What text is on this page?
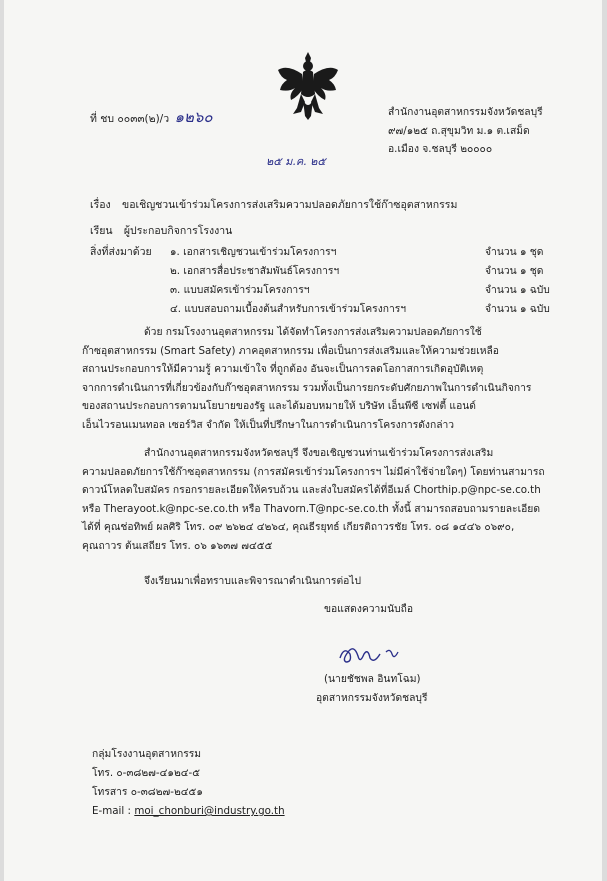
ที่ ชบ ๐๐๓๓(๒)/ว ๑๒๖๐
๒๕ ม.ค. ๒๕
สำนักงานอุตสาหกรรมจังหวัดชลบุรี
๙๗/๑๒๕ ถ.สุขุมวิท ม.๑ ต.เสม็ด
อ.เมือง จ.ชลบุรี ๒๐๐๐๐
เรื่อง ขอเชิญชวนเข้าร่วมโครงการส่งเสริมความปลอดภัยการใช้ก๊าซอุตสาหกรรม
เรียน ผู้ประกอบกิจการโรงงาน
สิ่งที่ส่งมาด้วย ๑. เอกสารเชิญชวนเข้าร่วมโครงการฯ	จำนวน ๑ ชุด
๒. เอกสารสื่อประชาสัมพันธ์โครงการฯ	จำนวน ๑ ชุด
๓. แบบสมัครเข้าร่วมโครงการฯ	จำนวน ๑ ฉบับ
๔. แบบสอบถามเบื้องต้นสำหรับการเข้าร่วมโครงการฯ	จำนวน ๑ ฉบับ
ด้วย กรมโรงงานอุตสาหกรรม ได้จัดทำโครงการส่งเสริมความปลอดภัยการใช้
ก๊าซอุตสาหกรรม (Smart Safety) ภาคอุตสาหกรรม เพื่อเป็นการส่งเสริมและให้ความช่วยเหลือ
สถานประกอบการให้มีความรู้ ความเข้าใจ ที่ถูกต้อง อันจะเป็นการลดโอกาสการเกิดอุบัติเหตุ
จากการดำเนินการที่เกี่ยวข้องกับก๊าซอุตสาหกรรม รวมทั้งเป็นการยกระดับศักยภาพในการดำเนินกิจการ
ของสถานประกอบการตามนโยบายของรัฐ และได้มอบหมายให้ บริษัท เอ็นพีซี เซฟตี้ แอนด์
เอ็นไวรอนเมนทอล เซอร์วิส จำกัด ให้เป็นที่ปรึกษาในการดำเนินการโครงการดังกล่าว
สำนักงานอุตสาหกรรมจังหวัดชลบุรี จึงขอเชิญชวนท่านเข้าร่วมโครงการส่งเสริม
ความปลอดภัยการใช้ก๊าซอุตสาหกรรม (การสมัครเข้าร่วมโครงการฯ ไม่มีค่าใช้จ่ายใดๆ) โดยท่านสามารถ
ดาวน์โหลดใบสมัคร กรอกรายละเอียดให้ครบถ้วน และส่งใบสมัครได้ที่อีเมล์ Chorthip.p@npc-se.co.th
หรือ Therayoot.k@npc-se.co.th หรือ Thavorn.T@npc-se.co.th ทั้งนี้ สามารถสอบถามรายละเอียด
ได้ที่ คุณช่อทิพย์ ผลศิริ โทร. ๐๙ ๒๖๒๔ ๔๒๖๔, คุณธีรยุทธ์ เกียรติถาวรชัย โทร. ๐๘ ๑๔๔๖ ๐๖๙๐,
คุณถาวร ต้นเสถียร โทร. ๐๖ ๑๖๓๗ ๗๔๕๕
จึงเรียนมาเพื่อทราบและพิจารณาดำเนินการต่อไป
ขอแสดงความนับถือ
(นายชัชพล อินทโฉม)
อุตสาหกรรมจังหวัดชลบุรี
กลุ่มโรงงานอุตสาหกรรม
โทร. ๐-๓๘๒๗-๔๑๒๔-๕
โทรสาร ๐-๓๘๒๗-๒๔๕๑
E-mail : moi_chonburi@industry.go.th
